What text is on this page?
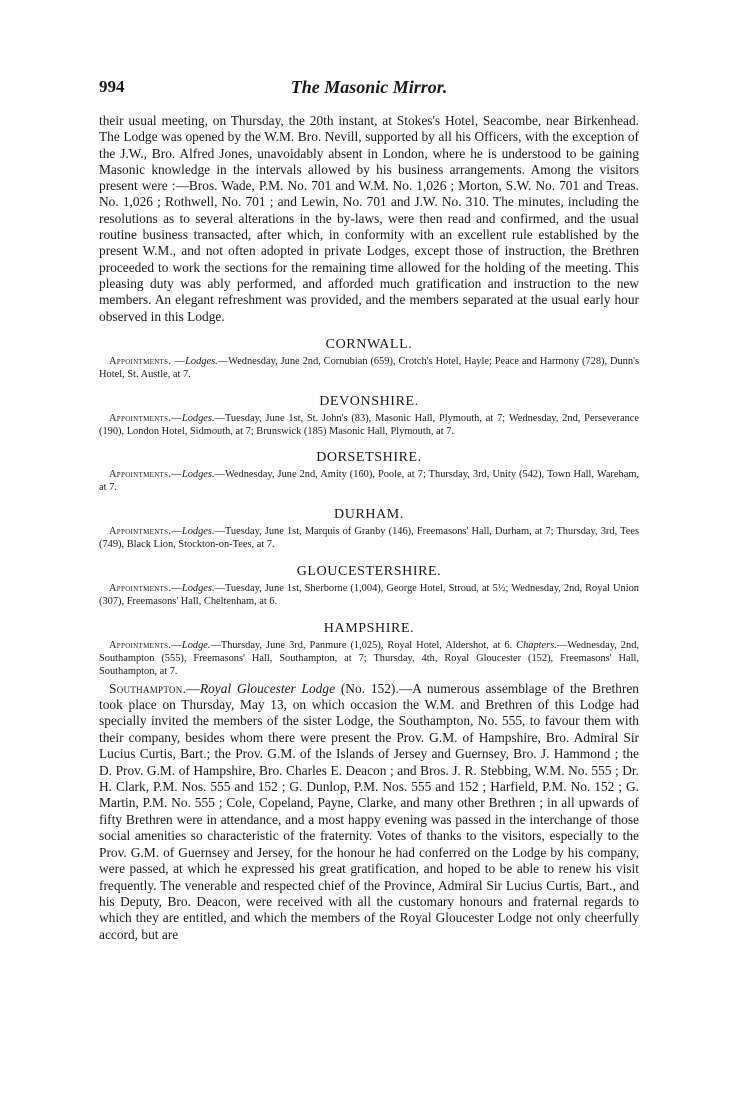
994	The Masonic Mirror.

their usual meeting, on Thursday, the 20th instant, at Stokes's Hotel, Seacombe, near Birkenhead. The Lodge was opened by the W.M. Bro. Nevill, supported by all his Officers, with the exception of the J.W., Bro. Alfred Jones, unavoidably absent in London, where he is understood to be gaining Masonic knowledge in the intervals allowed by his business arrangements. Among the visitors present were :—Bros. Wade, P.M. No. 701 and W.M. No. 1,026 ; Morton, S.W. No. 701 and Treas. No. 1,026 ; Rothwell, No. 701 ; and Lewin, No. 701 and J.W. No. 310. The minutes, including the resolutions as to several alterations in the by-laws, were then read and confirmed, and the usual routine business transacted, after which, in conformity with an excellent rule established by the present W.M., and not often adopted in private Lodges, except those of instruction, the Brethren proceeded to work the sections for the remaining time allowed for the holding of the meeting. This pleasing duty was ably performed, and afforded much gratification and instruction to the new members. An elegant refreshment was provided, and the members separated at the usual early hour observed in this Lodge.

CORNWALL.

Appointments. —Lodges.—Wednesday, June 2nd, Cornubian (659), Crotch's Hotel, Hayle; Peace and Harmony (728), Dunn's Hotel, St. Austle, at 7.

DEVONSHIRE.

Appointments.—Lodges.—Tuesday, June 1st, St. John's (83), Masonic Hall, Plymouth, at 7; Wednesday, 2nd, Perseverance (190), London Hotel, Sidmouth, at 7; Brunswick (185) Masonic Hall, Plymouth, at 7.

DORSETSHIRE.

Appointments.—Lodges.—Wednesday, June 2nd, Amity (160), Poole, at 7; Thursday, 3rd, Unity (542), Town Hall, Wareham, at 7.

DURHAM.

Appointments.—Lodges.—Tuesday, June 1st, Marquis of Granby (146), Freemasons' Hall, Durham, at 7; Thursday, 3rd, Tees (749), Black Lion, Stockton-on-Tees, at 7.

GLOUCESTERSHIRE.

Appointments.—Lodges.—Tuesday, June 1st, Sherborne (1,004), George Hotel, Stroud, at 5½; Wednesday, 2nd, Royal Union (307), Freemasons' Hall, Cheltenham, at 6.

HAMPSHIRE.

Appointments.—Lodge.—Thursday, June 3rd, Panmure (1,025), Royal Hotel, Aldershot, at 6. Chapters.—Wednesday, 2nd, Southampton (555), Freemasons' Hall, Southampton, at 7; Thursday, 4th, Royal Gloucester (152), Freemasons' Hall, Southampton, at 7.

Southampton.—Royal Gloucester Lodge (No. 152).—A numerous assemblage of the Brethren took place on Thursday, May 13, on which occasion the W.M. and Brethren of this Lodge had specially invited the members of the sister Lodge, the Southampton, No. 555, to favour them with their company, besides whom there were present the Prov. G.M. of Hampshire, Bro. Admiral Sir Lucius Curtis, Bart.; the Prov. G.M. of the Islands of Jersey and Guernsey, Bro. J. Hammond ; the D. Prov. G.M. of Hampshire, Bro. Charles E. Deacon ; and Bros. J. R. Stebbing, W.M. No. 555 ; Dr. H. Clark, P.M. Nos. 555 and 152 ; G. Dunlop, P.M. Nos. 555 and 152 ; Harfield, P.M. No. 152 ; G. Martin, P.M. No. 555 ; Cole, Copeland, Payne, Clarke, and many other Brethren ; in all upwards of fifty Brethren were in attendance, and a most happy evening was passed in the interchange of those social amenities so characteristic of the fraternity. Votes of thanks to the visitors, especially to the Prov. G.M. of Guernsey and Jersey, for the honour he had conferred on the Lodge by his company, were passed, at which he expressed his great gratification, and hoped to be able to renew his visit frequently. The venerable and respected chief of the Province, Admiral Sir Lucius Curtis, Bart., and his Deputy, Bro. Deacon, were received with all the customary honours and fraternal regards to which they are entitled, and which the members of the Royal Gloucester Lodge not only cheerfully accord, but are
